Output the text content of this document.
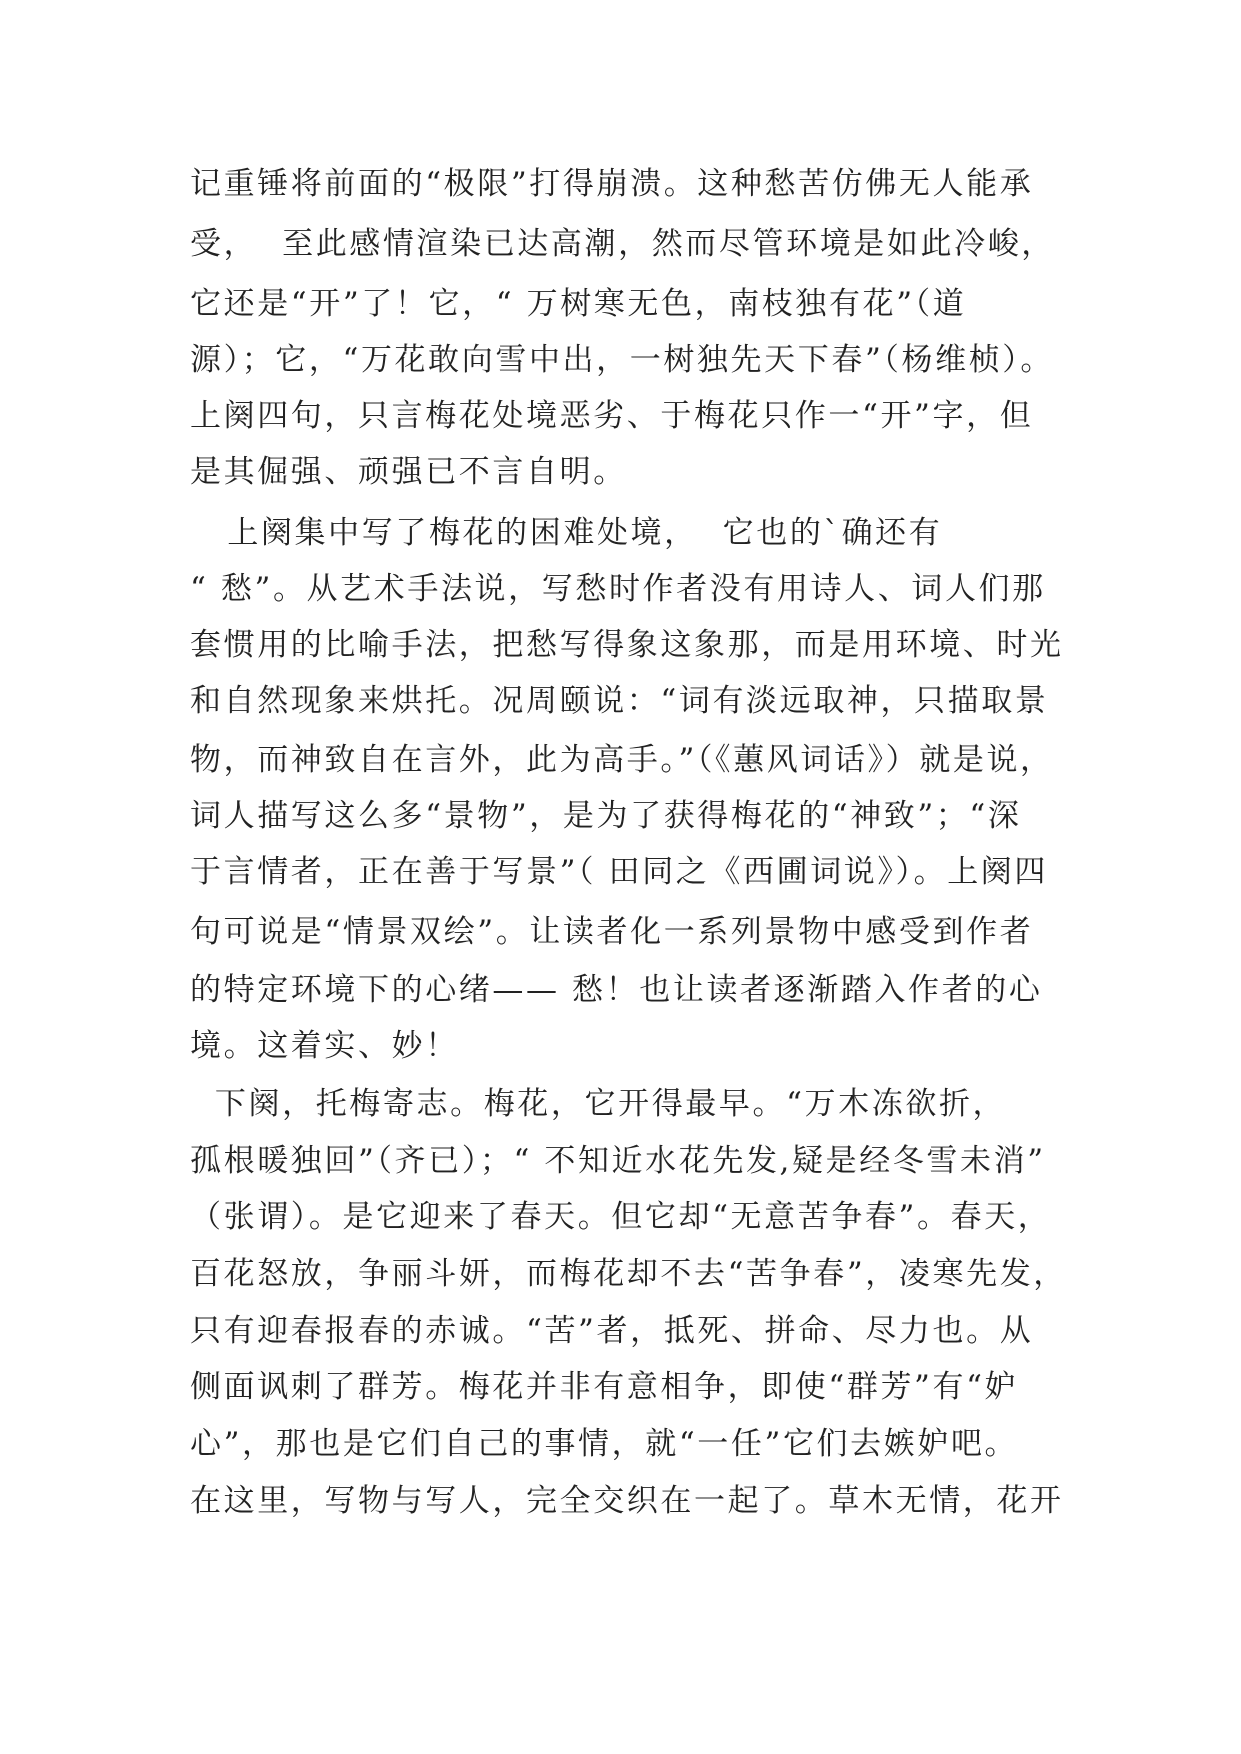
记重锤将前面的“极限”打得崩溃。这种愁苦仿佛无人能承
受，  至此感情渲染已达高潮，然而尽管环境是如此冷峻，
它还是“开”了！它，“ 万树寒无色，南枝独有花”（道
源）；它，“万花敢向雪中出，一树独先天下春”（杨维桢）。
上阕四句，只言梅花处境恶劣、于梅花只作一“开”字，但
是其倔强、顽强已不言自明。
上阕集中写了梅花的困难处境，  它也的`确还有
“ 愁”。从艺术手法说，写愁时作者没有用诗人、词人们那
套惯用的比喻手法，把愁写得象这象那，而是用环境、时光
和自然现象来烘托。况周颐说：“词有淡远取神，只描取景
物，而神致自在言外，此为高手。”（《蕙风词话》）就是说，
词人描写这么多“景物”，是为了获得梅花的“神致”；“深
于言情者，正在善于写景”（ 田同之《西圃词说》）。上阕四
句可说是“情景双绘”。让读者化一系列景物中感受到作者
的特定环境下的心绪—— 愁！也让读者逐渐踏入作者的心
境。这着实、妙！
下阕，托梅寄志。梅花，它开得最早。“万木冻欲折，
孤根暖独回”（齐已）；“ 不知近水花先发,疑是经冬雪未消”
（张谓）。是它迎来了春天。但它却“无意苦争春”。春天，
百花怒放，争丽斗妍，而梅花却不去“苦争春”，凌寒先发，
只有迎春报春的赤诚。“苦”者，抵死、拼命、尽力也。从
侧面讽刺了群芳。梅花并非有意相争，即使“群芳”有“妒
心”，那也是它们自己的事情，就“一任”它们去嫉妒吧。
在这里，写物与写人，完全交织在一起了。草木无情，花开
